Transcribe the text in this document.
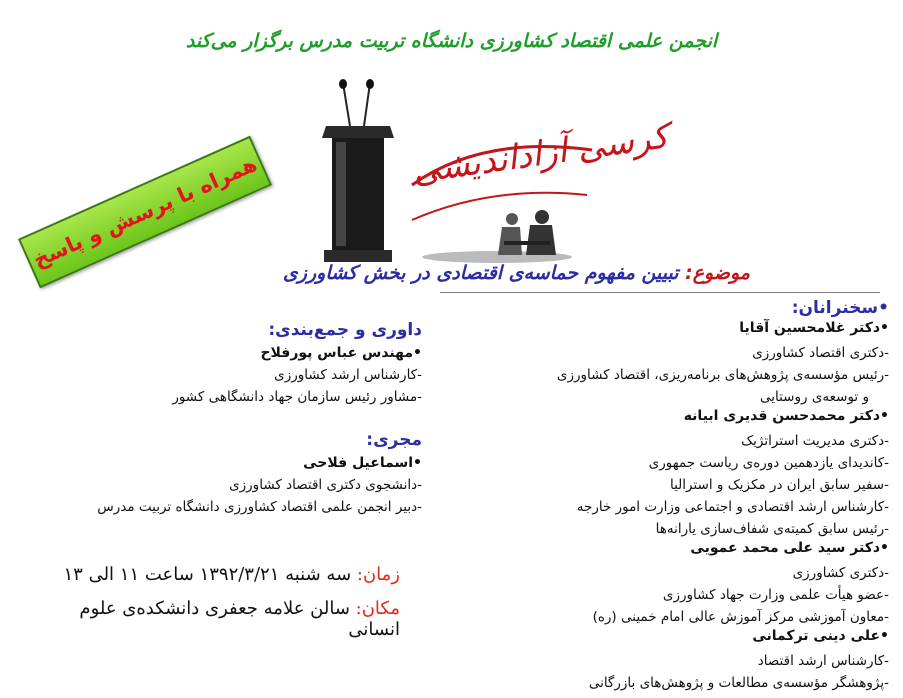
انجمن علمی اقتصاد کشاورزی دانشگاه تربیت مدرس برگزار می‌کند
کرسی آزاداندیشی
همراه با پرسش و پاسخ
موضوع: تبیین مفهوم حماسه‌ی اقتصادی در بخش کشاورزی
•سخنرانان:
•دکتر غلامحسین آقایا
-دکتری اقتصاد کشاورزی
-رئیس مؤسسه‌ی پژوهش‌های برنامه‌ریزی، اقتصاد کشاورزی
و توسعه‌ی روستایی
•دکتر محمدحسن قدیری ابیانه
-دکتری مدیریت استراتژیک
-کاندیدای یازدهمین دوره‌ی ریاست جمهوری
-سفیر سابق ایران در مکزیک و استرالیا
-کارشناس ارشد اقتصادی و اجتماعی وزارت امور خارجه
-رئیس سابق کمیته‌ی شفاف‌سازی یارانه‌ها
•دکتر سید علی محمد عمویی
-دکتری کشاورزی
-عضو هیأت علمی وزارت جهاد کشاورزی
-معاون آموزشی مرکز آموزش عالی امام خمینی (ره)
•علی دینی ترکمانی
-کارشناس ارشد اقتصاد
-پژوهشگر مؤسسه‌ی مطالعات و پژوهش‌های بازرگانی
داوری و جمع‌بندی:
•مهندس عباس پورفلاح
-کارشناس ارشد کشاورزی
-مشاور رئیس سازمان جهاد دانشگاهی کشور
مجری:
•اسماعیل فلاحی
-دانشجوی دکتری اقتصاد کشاورزی
-دبیر انجمن علمی اقتصاد کشاورزی دانشگاه تربیت مدرس
زمان: سه شنبه ۱۳۹۲/۳/۲۱ ساعت ۱۱ الی ۱۳
مکان: سالن علامه جعفری دانشکده‌ی علوم انسانی
